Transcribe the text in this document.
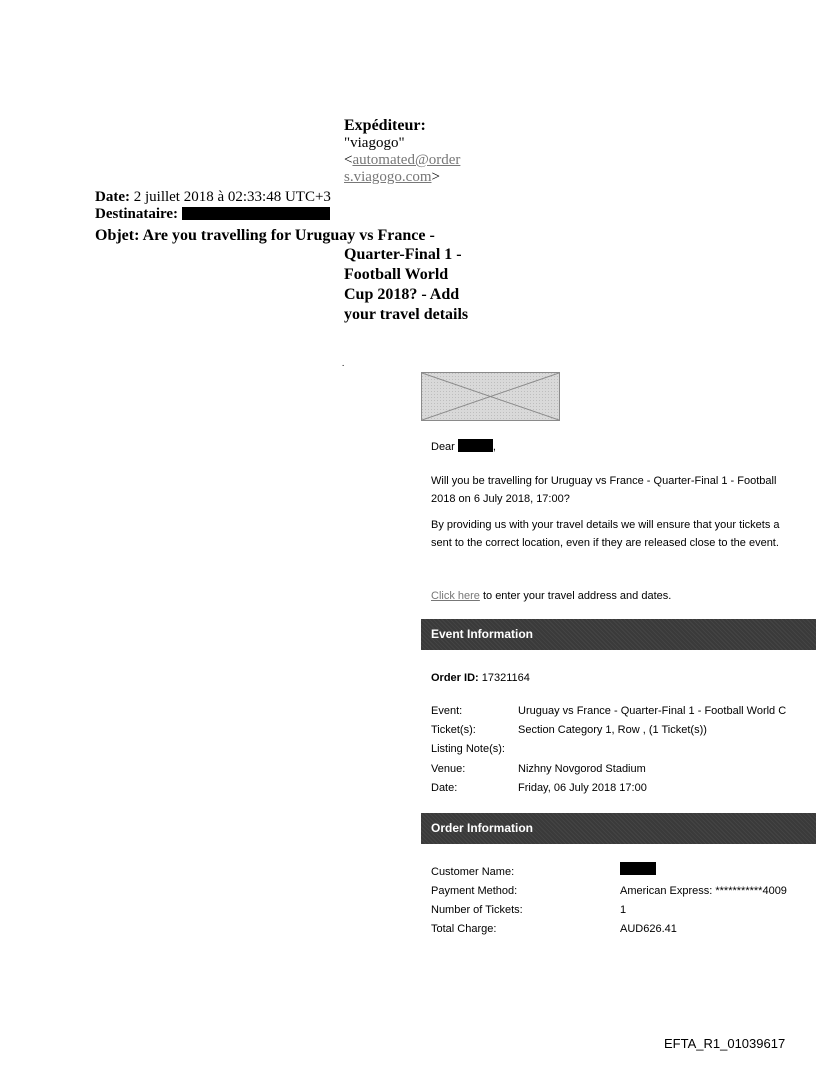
Expéditeur:
"viagogo"
<automated@order
s.viagogo.com>
Date: 2 juillet 2018 à 02:33:48 UTC+3
Destinataire:
Objet: Are you travelling for Uruguay vs France -
Quarter-Final 1 -
Football World
Cup 2018? - Add
your travel details
.
Dear	,
Will you be travelling for Uruguay vs France - Quarter-Final 1 - Football
2018 on 6 July 2018, 17:00?
By providing us with your travel details we will ensure that your tickets a
sent to the correct location, even if they are released close to the event.
Click here to enter your travel address and dates.
Event Information
Order ID: 17321164
Event:	Uruguay vs France - Quarter-Final 1 - Football World C
Ticket(s):	Section Category 1, Row , (1 Ticket(s))
Listing Note(s):
Venue:	Nizhny Novgorod Stadium
Date:	Friday, 06 July 2018 17:00
Order Information
Customer Name:
Payment Method:	American Express: ***********4009
Number of Tickets:	1
Total Charge:	AUD626.41
EFTA_R1_01039617
